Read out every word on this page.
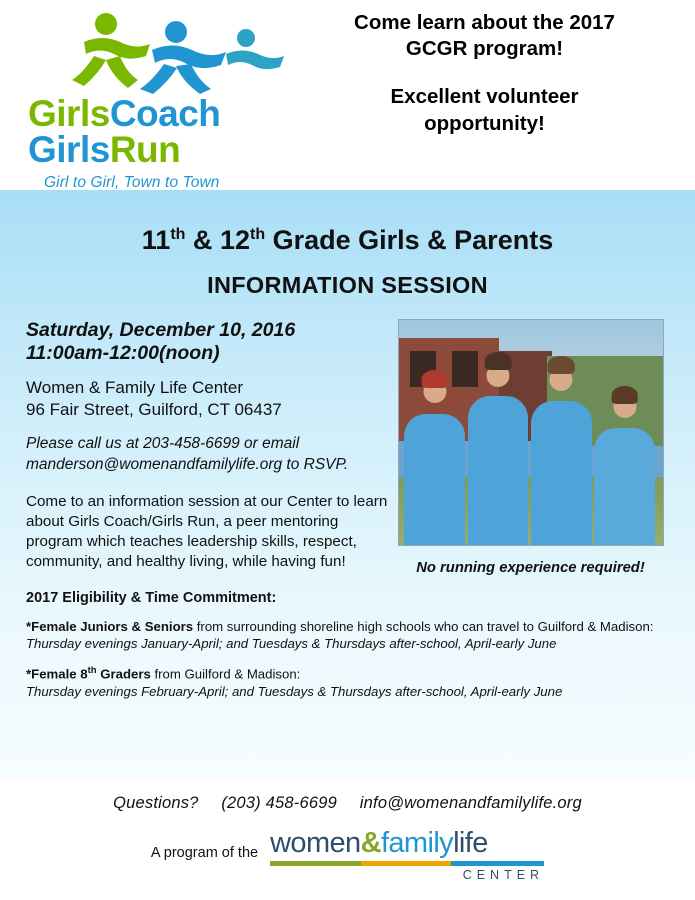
GirlsCoach
GirlsRun
Girl to Girl, Town to Town
Come learn about the 2017
GCGR program!
Excellent volunteer
opportunity!
11th & 12th Grade Girls & Parents
INFORMATION SESSION
Saturday, December 10, 2016
11:00am-12:00(noon)
Women & Family Life Center
96 Fair Street, Guilford, CT 06437
Please call us at 203-458-6699 or email manderson@womenandfamilylife.org to RSVP.
Come to an information session at our Center to learn about Girls Coach/Girls Run, a peer mentoring program which teaches leadership skills, respect, community, and healthy living, while having fun!	No running experience required!
2017 Eligibility & Time Commitment:
*Female Juniors & Seniors from surrounding shoreline high schools who can travel to Guilford & Madison:
Thursday evenings January-April; and Tuesdays & Thursdays after-school, April-early June
*Female 8th Graders from Guilford & Madison:
Thursday evenings February-April; and Tuesdays & Thursdays after-school, April-early June
Questions? (203) 458-6699 info@womenandfamilylife.org
A program of the women&familylife
CENTER
